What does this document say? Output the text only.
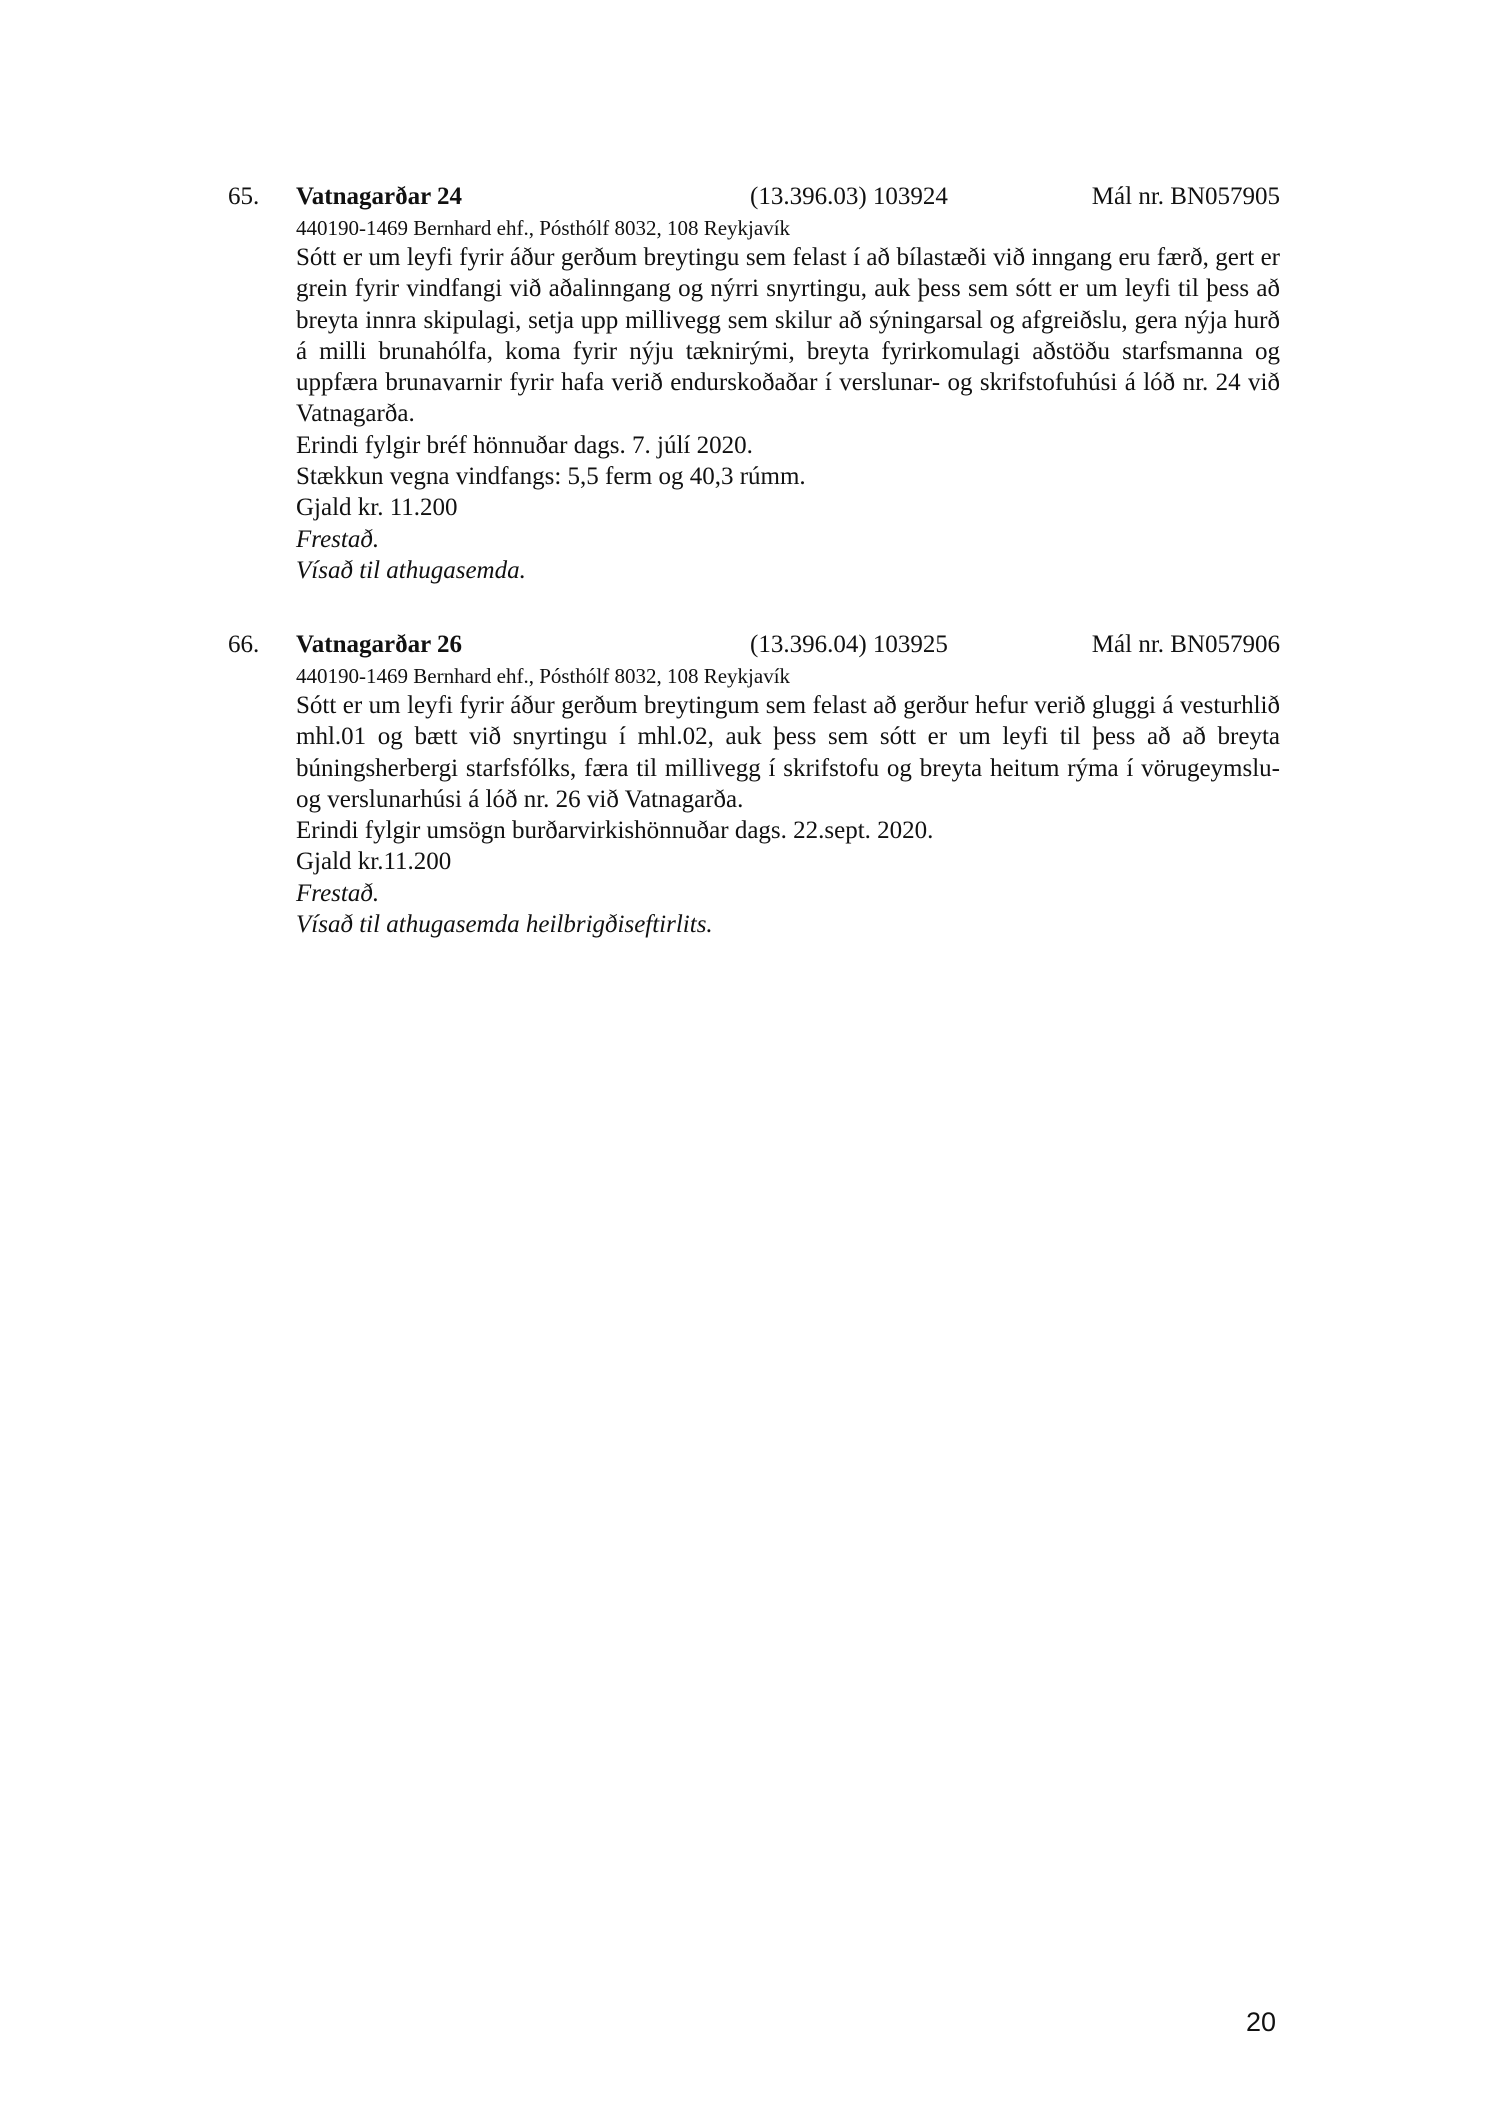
65. Vatnagarðar 24	(13.396.03) 103924	Mál nr. BN057905

440190-1469 Bernhard ehf., Pósthólf 8032, 108 Reykjavík

Sótt er um leyfi fyrir áður gerðum breytingu sem felast í að bílastæði við inngang eru færð, gert er grein fyrir vindfangi við aðalinngang og nýrri snyrtingu, auk þess sem sótt er um leyfi til þess að breyta innra skipulagi, setja upp millivegg sem skilur að sýningarsal og afgreiðslu, gera nýja hurð á milli brunahólfa, koma fyrir nýju tæknirými, breyta fyrirkomulagi aðstöðu starfsmanna og uppfæra brunavarnir fyrir hafa verið endurskoðaðar í verslunar- og skrifstofuhúsi á lóð nr. 24 við Vatnagarða.

Erindi fylgir bréf hönnuðar dags. 7. júlí 2020.

Stækkun vegna vindfangs: 5,5 ferm og 40,3 rúmm.

Gjald kr. 11.200

Frestað.

Vísað til athugasemda.

66. Vatnagarðar 26	(13.396.04) 103925	Mál nr. BN057906

440190-1469 Bernhard ehf., Pósthólf 8032, 108 Reykjavík

Sótt er um leyfi fyrir áður gerðum breytingum sem felast að gerður hefur verið gluggi á vesturhlið mhl.01 og bætt við snyrtingu í mhl.02, auk þess sem sótt er um leyfi til þess að að breyta búningsherbergi starfsfólks, færa til millivegg í skrifstofu og breyta heitum rýma í vörugeymslu- og verslunarhúsi á lóð nr. 26 við Vatnagarða.

Erindi fylgir umsögn burðarvirkishönnuðar dags. 22.sept. 2020.

Gjald kr.11.200

Frestað.

Vísað til athugasemda heilbrigðiseftirlits.

20
